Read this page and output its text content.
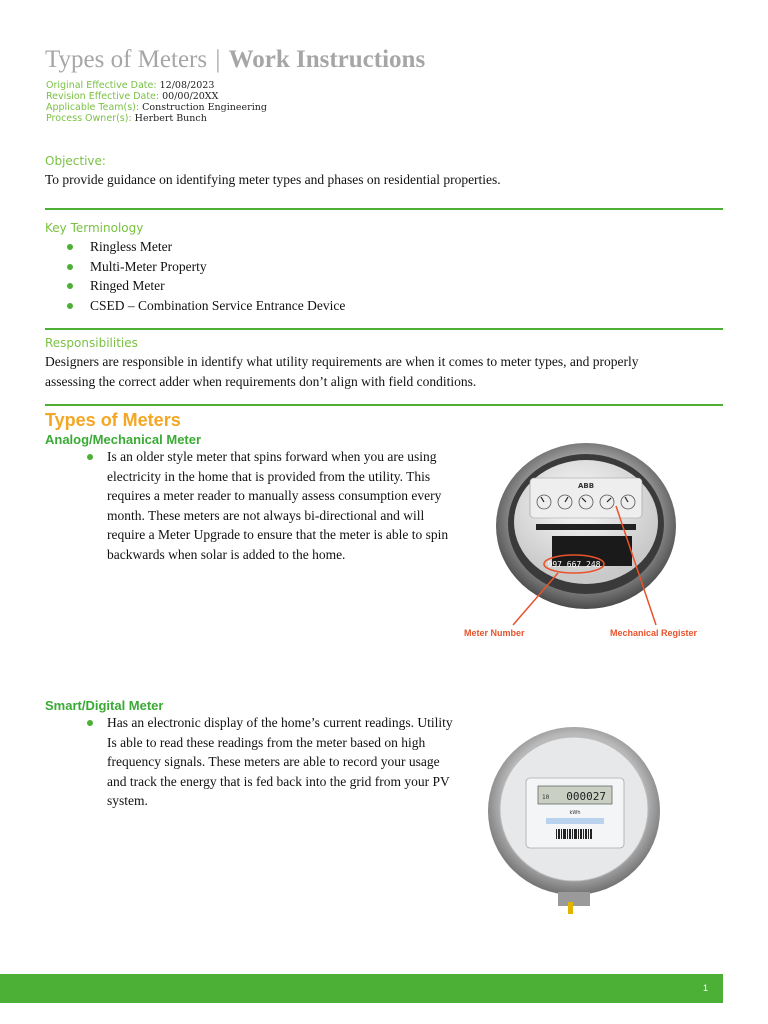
Types of Meters | Work Instructions
Original Effective Date: 12/08/2023
Revision Effective Date: 00/00/20XX
Applicable Team(s): Construction Engineering
Process Owner(s): Herbert Bunch
Objective:
To provide guidance on identifying meter types and phases on residential properties.
Key Terminology
Ringless Meter
Multi-Meter Property
Ringed Meter
CSED – Combination Service Entrance Device
Responsibilities
Designers are responsible in identify what utility requirements are when it comes to meter types, and properly
assessing the correct adder when requirements don’t align with field conditions.
Types of Meters
Analog/Mechanical Meter

Is an older style meter that spins forward when you are using electricity in the home that is provided from the utility. This requires a meter reader to manually assess consumption every month. These meters are not always bi-directional and will require a Meter Upgrade to ensure that the meter is able to spin backwards when solar is added to the home.

ABB
997 667 248
Meter Number	Mechanical Register
Smart/Digital Meter

Has an electronic display of the home’s current readings. Utility Is able to read these readings from the meter based on high frequency signals. These meters are able to record your usage and track the energy that is fed back into the grid from your PV system.	10 000027
kWh
1
